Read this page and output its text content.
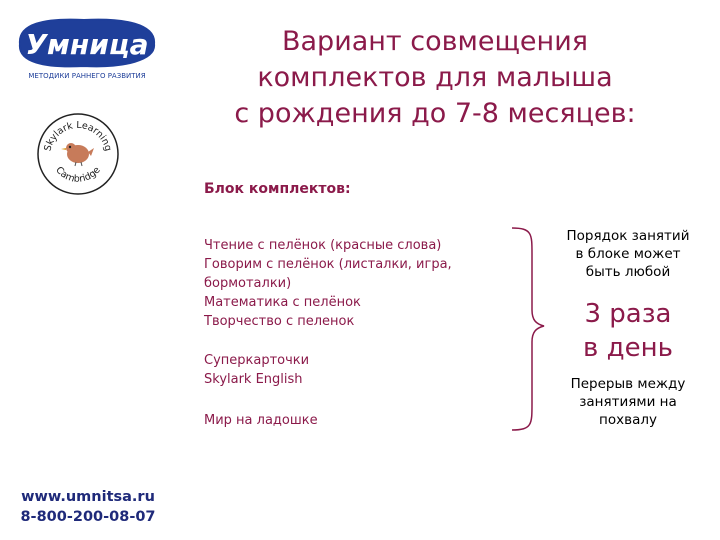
Умница
МЕТОДИКИ РАННЕГО РАЗВИТИЯ
Skylark Learning
Cambridge
Вариант совмещения
комплектов для малыша
с рождения до 7-8 месяцев:
Блок комплектов:
Чтение с пелёнок (красные слова)
Говорим с пелёнок (листалки, игра,
бормоталки)
Математика с пелёнок
Творчество с пеленок
Суперкарточки
Skylark English
Мир на ладошке
Порядок занятий
в блоке может
быть любой
3 раза
в день
Перерыв между
занятиями на
похвалу
www.umnitsa.ru
8-800-200-08-07
